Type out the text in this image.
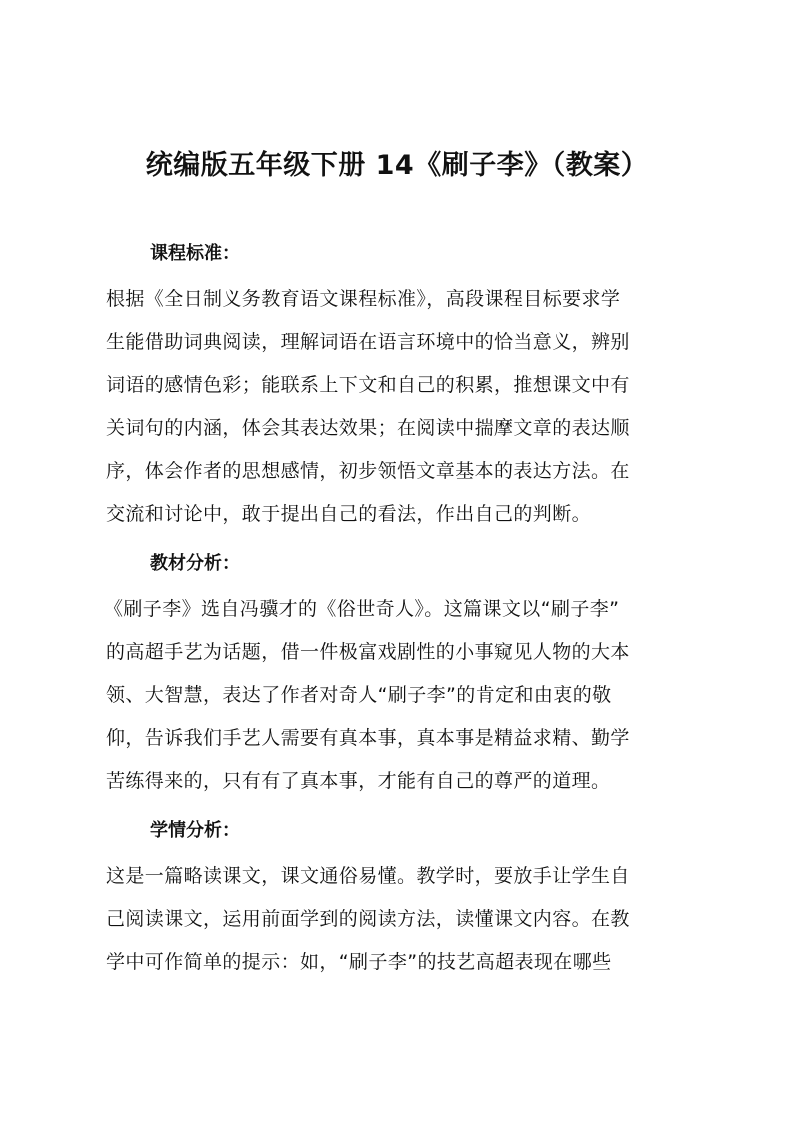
统编版五年级下册 14《刷子李》（教案）
课程标准：
根据《全日制义务教育语文课程标准》，高段课程目标要求学
生能借助词典阅读，理解词语在语言环境中的恰当意义，辨别
词语的感情色彩；能联系上下文和自己的积累，推想课文中有
关词句的内涵，体会其表达效果；在阅读中揣摩文章的表达顺
序，体会作者的思想感情，初步领悟文章基本的表达方法。在
交流和讨论中，敢于提出自己的看法，作出自己的判断。
教材分析：
《刷子李》选自冯骥才的《俗世奇人》。这篇课文以“刷子李”
的高超手艺为话题，借一件极富戏剧性的小事窥见人物的大本
领、大智慧，表达了作者对奇人“刷子李”的肯定和由衷的敬
仰，告诉我们手艺人需要有真本事，真本事是精益求精、勤学
苦练得来的，只有有了真本事，才能有自己的尊严的道理。
学情分析：
这是一篇略读课文，课文通俗易懂。教学时，要放手让学生自
己阅读课文，运用前面学到的阅读方法，读懂课文内容。在教
学中可作简单的提示：如，“刷子李”的技艺高超表现在哪些
